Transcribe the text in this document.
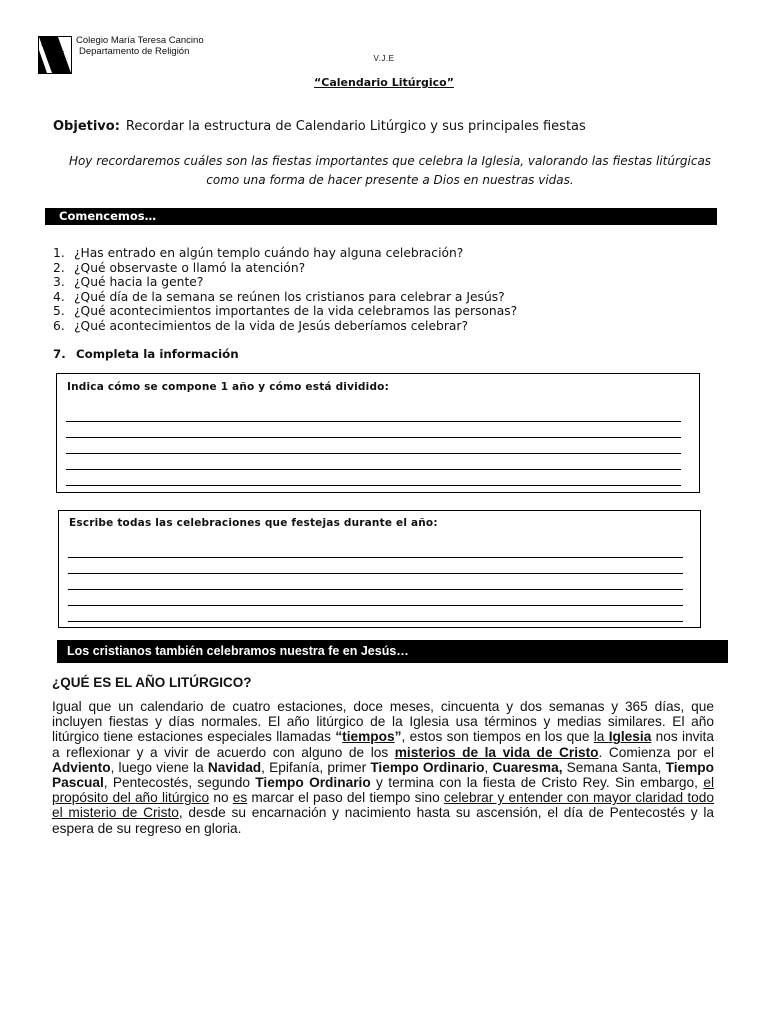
M
T
C
Colegio María Teresa Cancino
Departamento de Religión
V.J.E
“Calendario Litúrgico”
Objetivo: Recordar la estructura de Calendario Litúrgico y sus principales fiestas
Hoy recordaremos cuáles son las fiestas importantes que celebra la Iglesia, valorando las fiestas litúrgicas como una forma de hacer presente a Dios en nuestras vidas.
Comencemos…
1. ¿Has entrado en algún templo cuándo hay alguna celebración?
2. ¿Qué observaste o llamó la atención?
3. ¿Qué hacia la gente?
4. ¿Qué día de la semana se reúnen los cristianos para celebrar a Jesús?
5. ¿Qué acontecimientos importantes de la vida celebramos las personas?
6. ¿Qué acontecimientos de la vida de Jesús deberíamos celebrar?
7. Completa la información
Indica cómo se compone 1 año y cómo está dividido:
Escribe todas las celebraciones que festejas durante el año:
Los cristianos también celebramos nuestra fe en Jesús…
¿QUÉ ES EL AÑO LITÚRGICO?
Igual que un calendario de cuatro estaciones, doce meses, cincuenta y dos semanas y 365 días, que incluyen fiestas y días normales. El año litúrgico de la Iglesia usa términos y medias similares. El año litúrgico tiene estaciones especiales llamadas “tiempos”, estos son tiempos en los que la Iglesia nos invita a reflexionar y a vivir de acuerdo con alguno de los misterios de la vida de Cristo. Comienza por el Adviento, luego viene la Navidad, Epifanía, primer Tiempo Ordinario, Cuaresma, Semana Santa, Tiempo Pascual, Pentecostés, segundo Tiempo Ordinario y termina con la fiesta de Cristo Rey. Sin embargo, el propósito del año litúrgico no es marcar el paso del tiempo sino celebrar y entender con mayor claridad todo el misterio de Cristo, desde su encarnación y nacimiento hasta su ascensión, el día de Pentecostés y la espera de su regreso en gloria.
